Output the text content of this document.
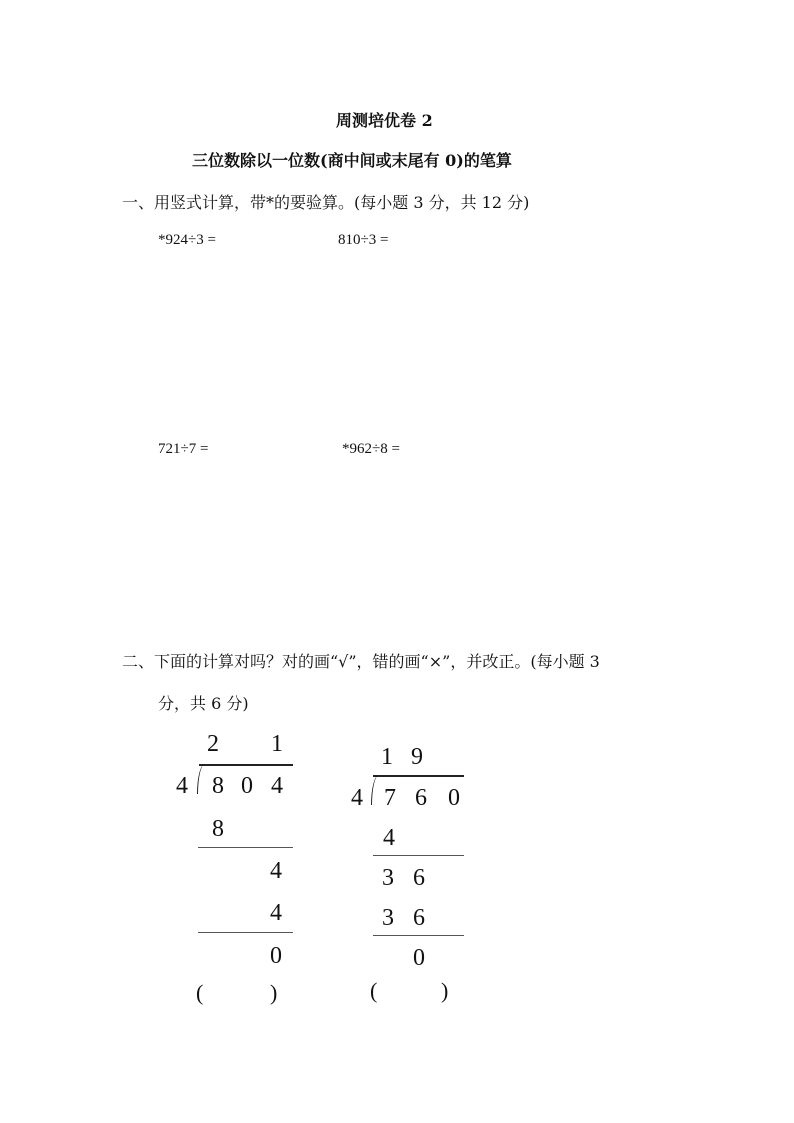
周测培优卷 2
三位数除以一位数(商中间或末尾有 0)的笔算
一、用竖式计算，带*的要验算。(每小题 3 分，共 12 分)
*924÷3 =	810÷3 =
721÷7 =	*962÷8 =
二、下面的计算对吗？对的画“√”，错的画“×”，并改正。(每小题 3
分，共 6 分)
2 1
4 8 0 4
8
4
4
0
(	)
1 9
4 7 6 0
4
3 6
3 6
0
(	)
